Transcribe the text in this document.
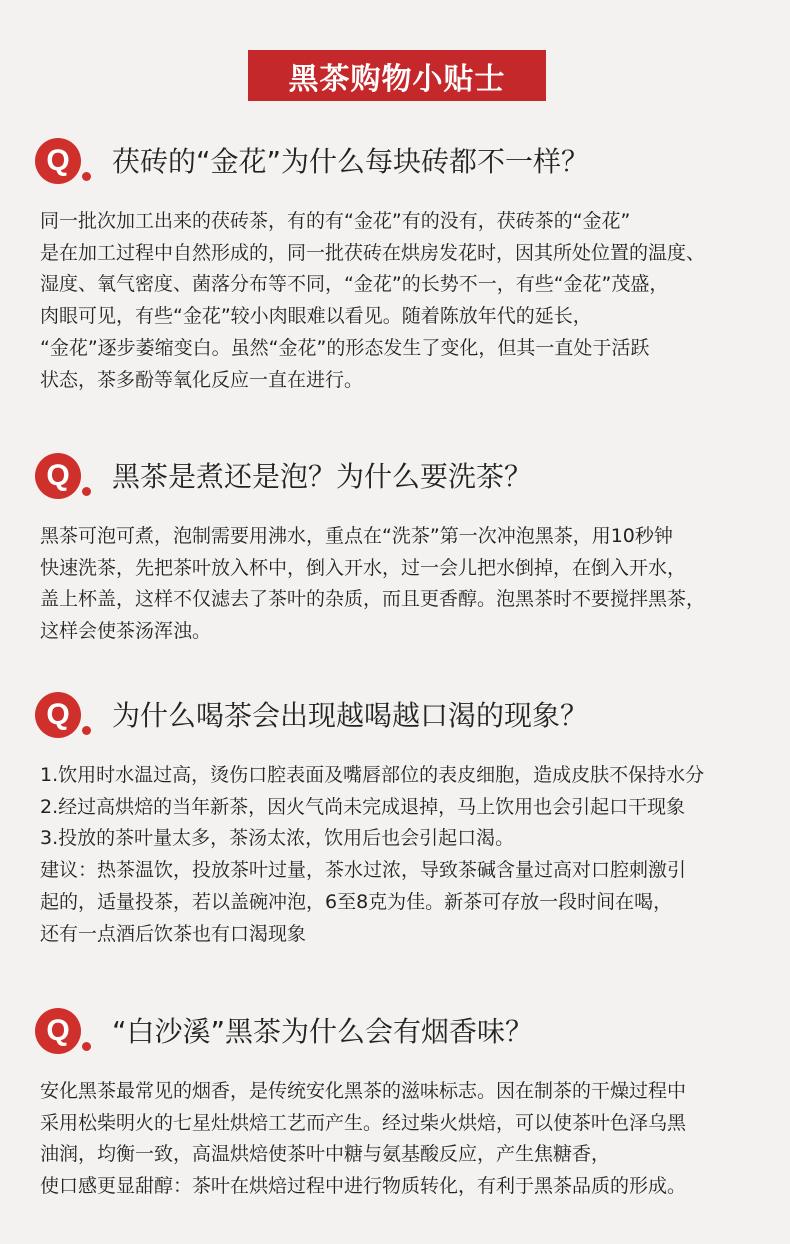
黑茶购物小贴士
Q	茯砖的“金花”为什么每块砖都不一样？
同一批次加工出来的茯砖茶，有的有“金花”有的没有，茯砖茶的“金花”
是在加工过程中自然形成的，同一批茯砖在烘房发花时，因其所处位置的温度、
湿度、氧气密度、菌落分布等不同，“金花”的长势不一，有些“金花”茂盛，
肉眼可见，有些“金花”较小肉眼难以看见。随着陈放年代的延长，
“金花”逐步萎缩变白。虽然“金花”的形态发生了变化，但其一直处于活跃
状态，茶多酚等氧化反应一直在进行。
Q	黑茶是煮还是泡？为什么要洗茶？
黑茶可泡可煮，泡制需要用沸水，重点在“洗茶”第一次冲泡黑茶，用10秒钟
快速洗茶，先把茶叶放入杯中，倒入开水，过一会儿把水倒掉，在倒入开水，
盖上杯盖，这样不仅滤去了茶叶的杂质，而且更香醇。泡黑茶时不要搅拌黑茶，
这样会使茶汤浑浊。
Q	为什么喝茶会出现越喝越口渴的现象？
1.饮用时水温过高，烫伤口腔表面及嘴唇部位的表皮细胞，造成皮肤不保持水分
2.经过高烘焙的当年新茶，因火气尚未完成退掉，马上饮用也会引起口干现象
3.投放的茶叶量太多，茶汤太浓，饮用后也会引起口渴。
建议：热茶温饮，投放茶叶过量，茶水过浓，导致茶碱含量过高对口腔刺激引
起的，适量投茶，若以盖碗冲泡，6至8克为佳。新茶可存放一段时间在喝，
还有一点酒后饮茶也有口渴现象
Q	“白沙溪”黑茶为什么会有烟香味？
安化黑茶最常见的烟香，是传统安化黑茶的滋味标志。因在制茶的干燥过程中
采用松柴明火的七星灶烘焙工艺而产生。经过柴火烘焙，可以使茶叶色泽乌黑
油润，均衡一致，高温烘焙使茶叶中糖与氨基酸反应，产生焦糖香，
使口感更显甜醇：茶叶在烘焙过程中进行物质转化，有利于黑茶品质的形成。
